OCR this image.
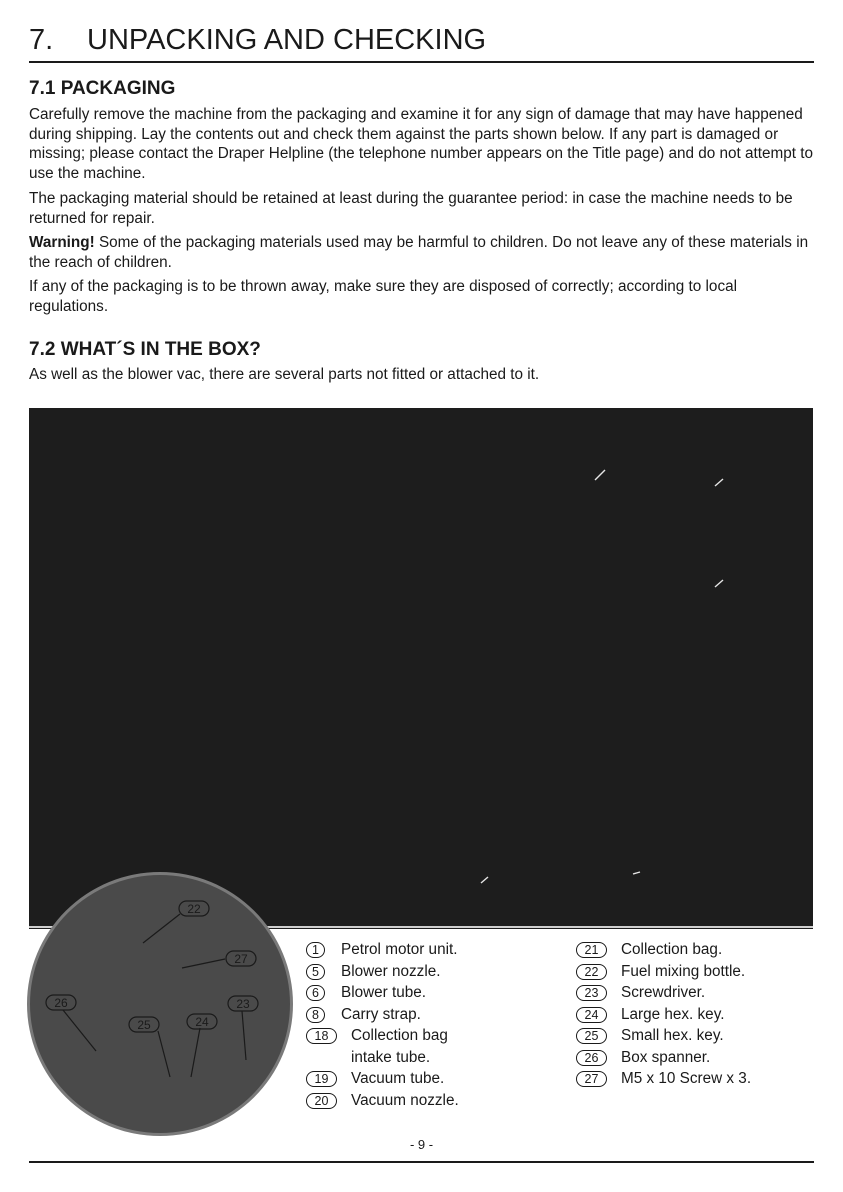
7. UNPACKING AND CHECKING
7.1 PACKAGING

Carefully remove the machine from the packaging and examine it for any sign of damage that may have happened during shipping. Lay the contents out and check them against the parts shown below. If any part is damaged or missing; please contact the Draper Helpline (the telephone number appears on the Title page) and do not attempt to use the machine.

The packaging material should be retained at least during the guarantee period: in case the machine needs to be returned for repair.

Warning! Some of the packaging materials used may be harmful to children. Do not leave any of these materials in the reach of children.

If any of the packaging is to be thrown away, make sure they are disposed of correctly; according to local regulations.

7.2 WHAT´S IN THE BOX?

As well as the blower vac, there are several parts not fitted or attached to it.

22
27
26
25	24
23
1	Petrol motor unit.
5	Blower nozzle.
6	Blower tube.
8	Carry strap.
18	Collection bag
intake tube.
19	Vacuum tube.
20	Vacuum nozzle.
21	Collection bag.
22	Fuel mixing bottle.
23	Screwdriver.
24	Large hex. key.
25	Small hex. key.
26	Box spanner.
27	M5 x 10 Screw x 3.
- 9 -
